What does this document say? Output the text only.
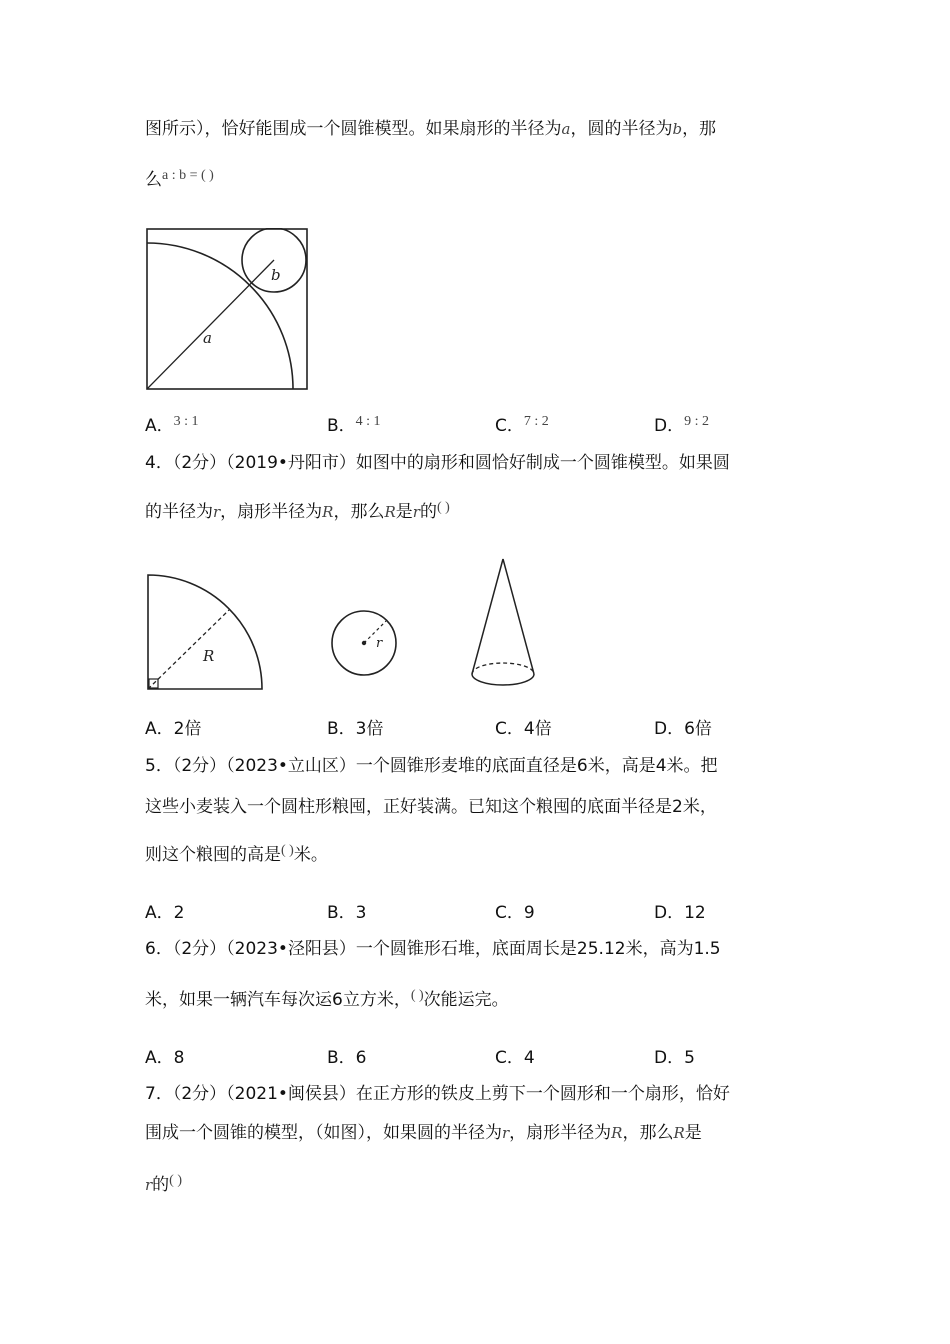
图所示），恰好能围成一个圆锥模型。如果扇形的半径为a，圆的半径为b，那
么$^{a : b = ( )}$
a
b
A．$^{3 : 1}$	B．$^{4 : 1}$	C．$^{7 : 2}$	D．$^{9 : 2}$
4．（2分）（2019•丹阳市）如图中的扇形和圆恰好制成一个圆锥模型。如果圆
的半径为r，扇形半径为R，那么R是r的( )
R
r
A．2倍	B．3倍	C．4倍	D．6倍
5．（2分）（2023•立山区）一个圆锥形麦堆的底面直径是6米，高是4米。把
这些小麦装入一个圆柱形粮囤，正好装满。已知这个粮囤的底面半径是2米，
则这个粮囤的高是( )米。
A．2	B．3	C．9	D．12
6．（2分）（2023•泾阳县）一个圆锥形石堆，底面周长是25.12米，高为1.5
米，如果一辆汽车每次运6立方米，( )次能运完。
A．8	B．6	C．4	D．5
7．（2分）（2021•闽侯县）在正方形的铁皮上剪下一个圆形和一个扇形，恰好
围成一个圆锥的模型，（如图），如果圆的半径为r，扇形半径为R，那么R是
r的( )
